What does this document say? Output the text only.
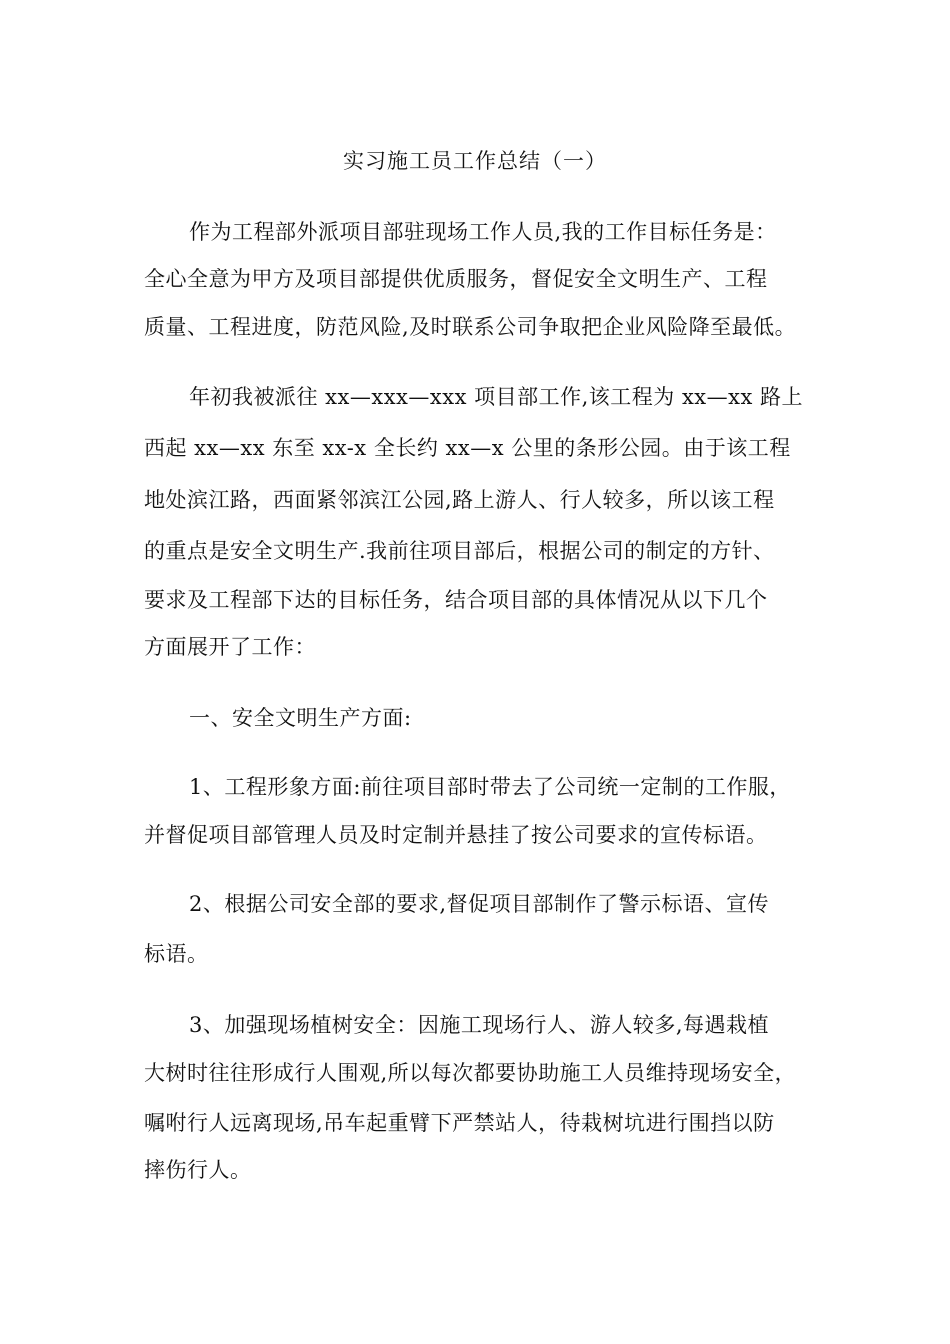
实习施工员工作总结（一）
作为工程部外派项目部驻现场工作人员,我的工作目标任务是：
全心全意为甲方及项目部提供优质服务，督促安全文明生产、工程
质量、工程进度，防范风险,及时联系公司争取把企业风险降至最低。
年初我被派往 xx—xxx—xxx 项目部工作,该工程为 xx—xx 路上
西起 xx—xx 东至 xx-x 全长约 xx—x 公里的条形公园。由于该工程
地处滨江路，西面紧邻滨江公园,路上游人、行人较多，所以该工程
的重点是安全文明生产.我前往项目部后，根据公司的制定的方针、
要求及工程部下达的目标任务，结合项目部的具体情况从以下几个
方面展开了工作：
一、安全文明生产方面:
1、工程形象方面:前往项目部时带去了公司统一定制的工作服，
并督促项目部管理人员及时定制并悬挂了按公司要求的宣传标语。
2、根据公司安全部的要求,督促项目部制作了警示标语、宣传
标语。
3、加强现场植树安全：因施工现场行人、游人较多,每遇栽植
大树时往往形成行人围观,所以每次都要协助施工人员维持现场安全，
嘱咐行人远离现场,吊车起重臂下严禁站人，待栽树坑进行围挡以防
摔伤行人。
